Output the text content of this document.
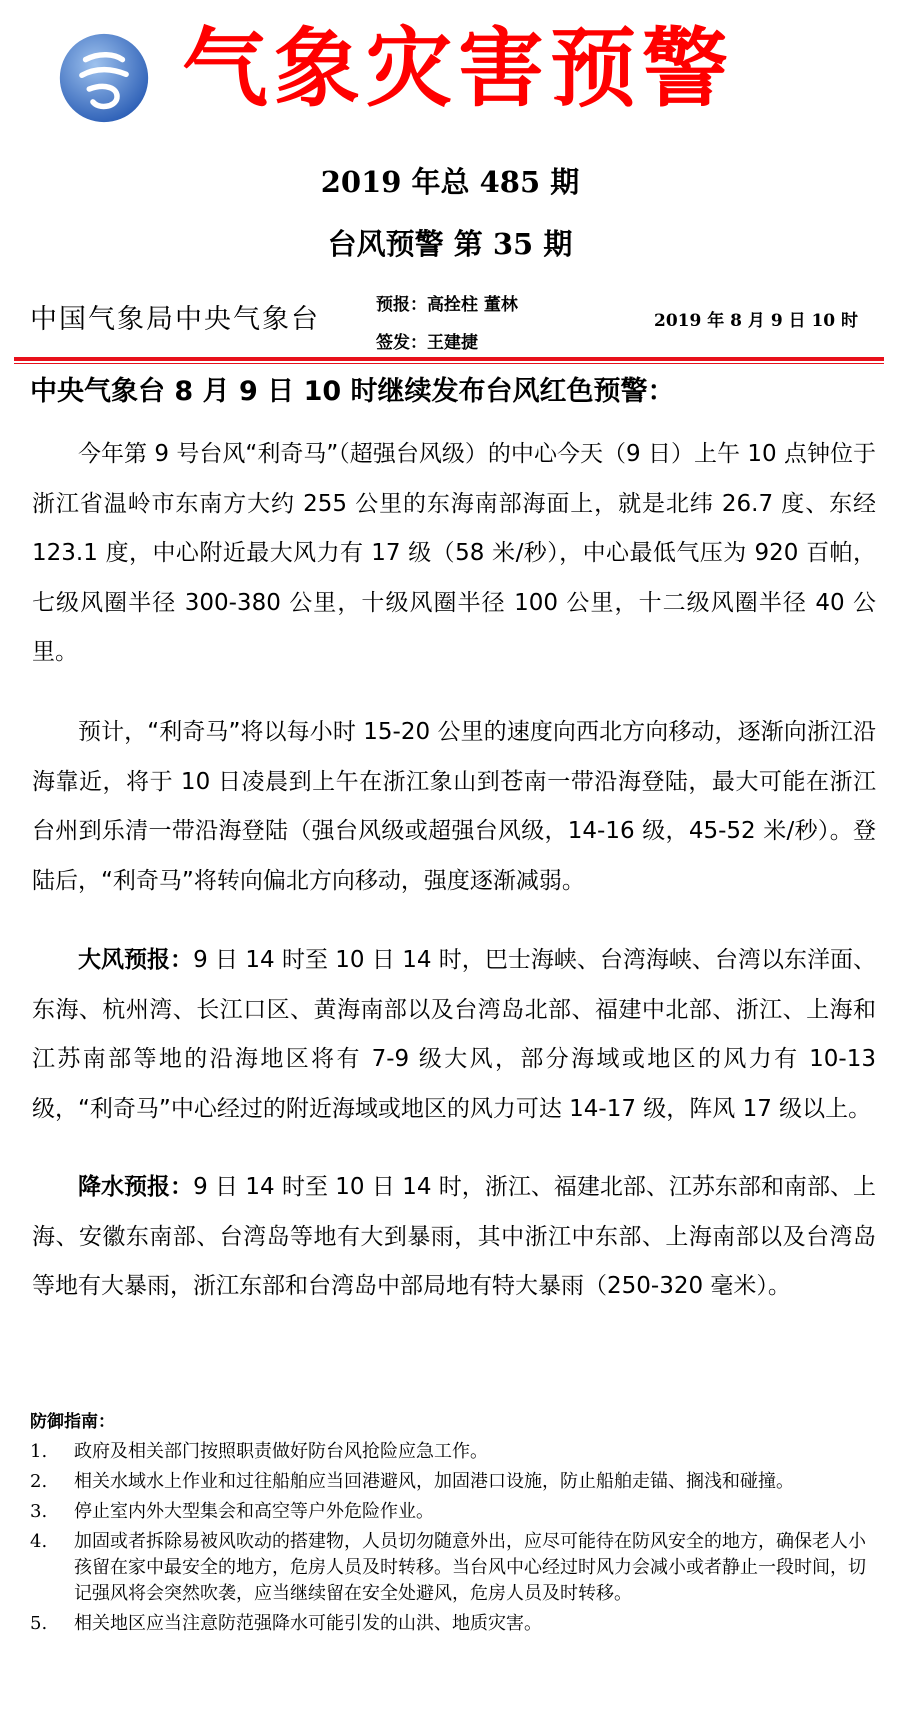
气象灾害预警
2019 年总 485 期
台风预警 第 35 期
中国气象局中央气象台	预报：高拴柱 董林
签发：王建捷
2019 年 8 月 9 日 10 时
中央气象台 8 月 9 日 10 时继续发布台风红色预警：

今年第 9 号台风“利奇马”（超强台风级）的中心今天（9 日）上午 10 点钟位于浙江省温岭市东南方大约 255 公里的东海南部海面上，就是北纬 26.7 度、东经 123.1 度，中心附近最大风力有 17 级（58 米/秒），中心最低气压为 920 百帕，七级风圈半径 300-380 公里，十级风圈半径 100 公里，十二级风圈半径 40 公里。

预计，“利奇马”将以每小时 15-20 公里的速度向西北方向移动，逐渐向浙江沿海靠近，将于 10 日凌晨到上午在浙江象山到苍南一带沿海登陆，最大可能在浙江台州到乐清一带沿海登陆（强台风级或超强台风级，14-16 级，45-52 米/秒）。登陆后，“利奇马”将转向偏北方向移动，强度逐渐减弱。

大风预报：9 日 14 时至 10 日 14 时，巴士海峡、台湾海峡、台湾以东洋面、东海、杭州湾、长江口区、黄海南部以及台湾岛北部、福建中北部、浙江、上海和江苏南部等地的沿海地区将有 7-9 级大风，部分海域或地区的风力有 10-13 级，“利奇马”中心经过的附近海域或地区的风力可达 14-17 级，阵风 17 级以上。

降水预报：9 日 14 时至 10 日 14 时，浙江、福建北部、江苏东部和南部、上海、安徽东南部、台湾岛等地有大到暴雨，其中浙江中东部、上海南部以及台湾岛等地有大暴雨，浙江东部和台湾岛中部局地有特大暴雨（250-320 毫米）。

防御指南：
1. 政府及相关部门按照职责做好防台风抢险应急工作。
2. 相关水域水上作业和过往船舶应当回港避风，加固港口设施，防止船舶走锚、搁浅和碰撞。
3. 停止室内外大型集会和高空等户外危险作业。
4. 加固或者拆除易被风吹动的搭建物，人员切勿随意外出，应尽可能待在防风安全的地方，确保老人小孩留在家中最安全的地方，危房人员及时转移。当台风中心经过时风力会减小或者静止一段时间，切记强风将会突然吹袭，应当继续留在安全处避风，危房人员及时转移。
5. 相关地区应当注意防范强降水可能引发的山洪、地质灾害。
